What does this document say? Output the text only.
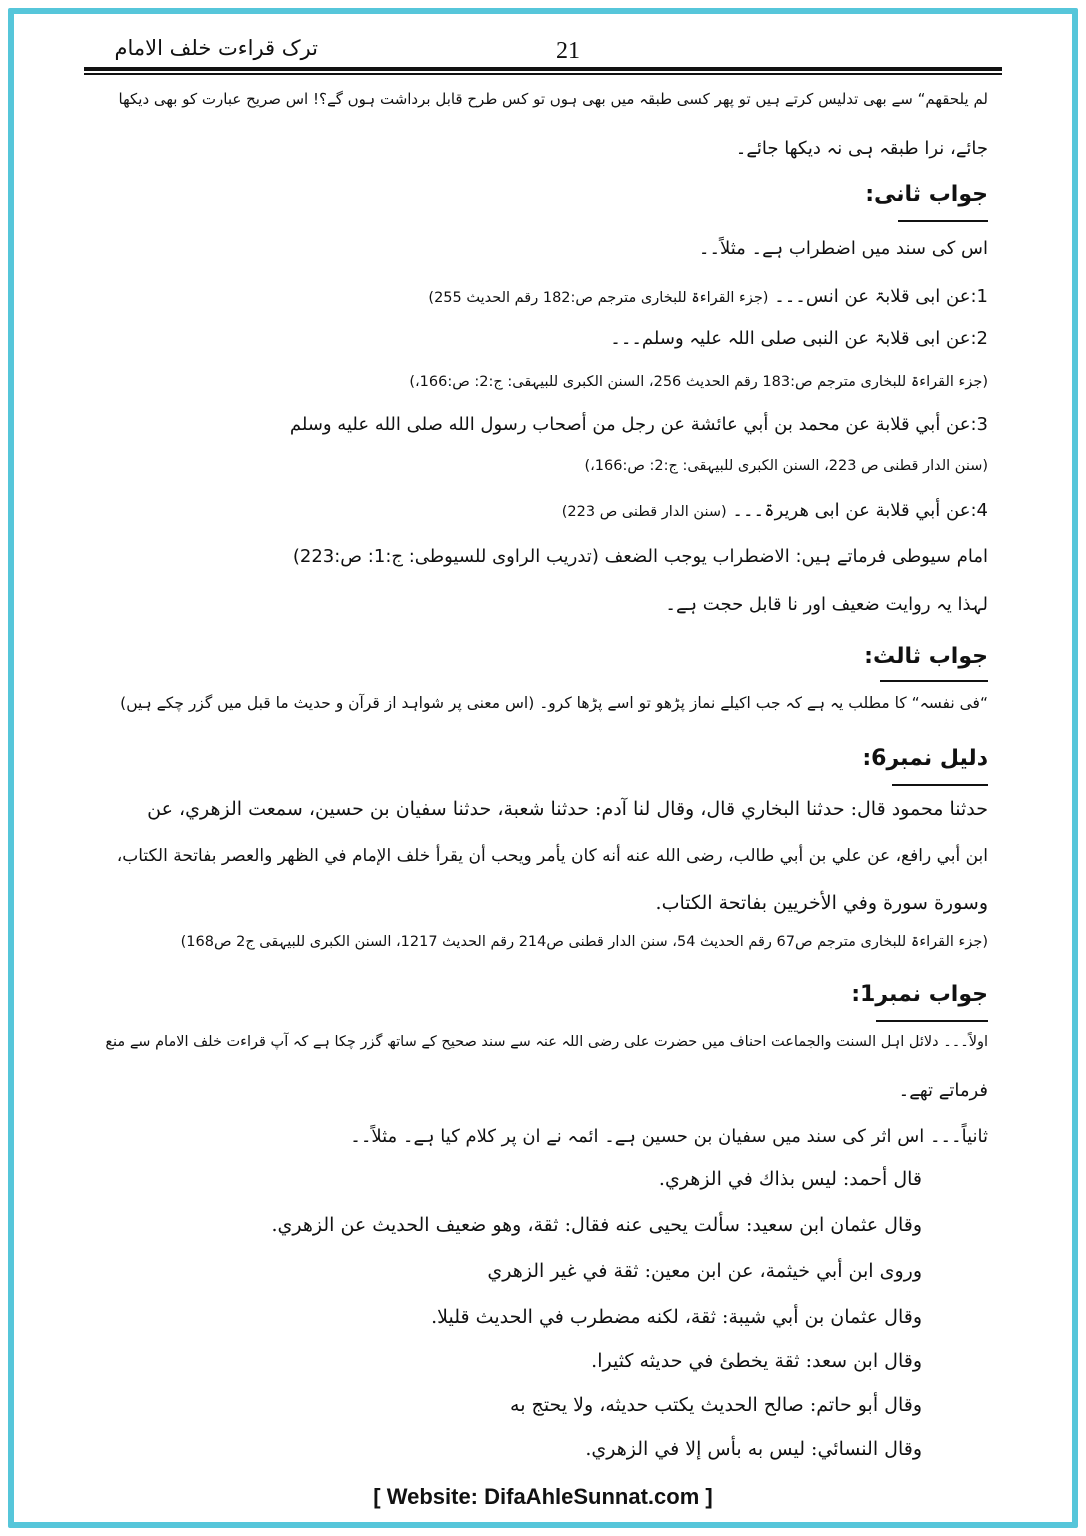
ترک قراءت خلف الامام	21
لم یلحقهم“ سے بھی تدلیس کرتے ہیں تو پھر کسی طبقہ میں بھی ہوں تو کس طرح قابل برداشت ہوں گے؟! اس صریح عبارت کو بھی دیکھا
جائے، نرا طبقہ ہی نہ دیکھا جائے۔
جواب ثانی:
اس کی سند میں اضطراب ہے۔ مثلاً۔۔
1:عن ابی قلابۃ عن انس۔۔۔ (جزء القراءۃ للبخاری مترجم ص:182 رقم الحدیث 255)
2:عن ابی قلابۃ عن النبی صلی اللہ علیہ وسلم۔۔۔
(جزء القراءۃ للبخاری مترجم ص:183 رقم الحدیث 256، السنن الکبری للبیہقی: ج:2: ص:166،)
3:عن أبي قلابة عن محمد بن أبي عائشة عن رجل من أصحاب رسول الله صلى الله عليه وسلم
(سنن الدار قطنی ص 223، السنن الکبری للبیہقی: ج:2: ص:166،)
4:عن أبي قلابة عن ابی ھریرۃ۔۔۔ (سنن الدار قطنی ص 223)
امام سیوطی فرماتے ہیں: الاضطراب یوجب الضعف (تدریب الراوی للسیوطی: ج:1: ص:223)
لہذا یہ روایت ضعیف اور نا قابل حجت ہے۔
جواب ثالث:
“فی نفسہ“ کا مطلب یہ ہے کہ جب اکیلے نماز پڑھو تو اسے پڑھا کرو۔ (اس معنی پر شواہد از قرآن و حدیث ما قبل میں گزر چکے ہیں)
دلیل نمبر6:
حدثنا محمود قال: حدثنا البخاري قال، وقال لنا آدم: حدثنا شعبة، حدثنا سفيان بن حسين، سمعت الزهري، عن
ابن أبي رافع، عن علي بن أبي طالب، رضى الله عنه أنه كان يأمر ويحب أن يقرأ خلف الإمام في الظهر والعصر بفاتحة الكتاب،
وسورة سورة وفي الأخريين بفاتحة الكتاب.
(جزء القراءۃ للبخاری مترجم ص67 رقم الحدیث 54، سنن الدار قطنی ص214 رقم الحدیث 1217، السنن الکبری للبیہقی ج2 ص168)
جواب نمبر1:
اولاً۔۔۔ دلائل اہل السنت والجماعت احناف میں حضرت علی رضی اللہ عنہ سے سند صحیح کے ساتھ گزر چکا ہے کہ آپ قراءت خلف الامام سے منع
فرماتے تھے۔
ثانیاً۔۔۔ اس اثر کی سند میں سفیان بن حسین ہے۔ ائمہ نے ان پر کلام کیا ہے۔ مثلاً۔۔
قال أحمد: ليس بذاك في الزهري.
وقال عثمان ابن سعيد: سألت يحيى عنه فقال: ثقة، وهو ضعيف الحديث عن الزهري.
وروى ابن أبي خيثمة، عن ابن معين: ثقة في غير الزهري
وقال عثمان بن أبي شيبة: ثقة، لكنه مضطرب في الحديث قليلا.
وقال ابن سعد: ثقة يخطئ في حديثه كثيرا.
وقال أبو حاتم: صالح الحديث يكتب حديثه، ولا يحتج به
وقال النسائي: ليس به بأس إلا في الزهري.
[ Website: DifaAhleSunnat.com ]
